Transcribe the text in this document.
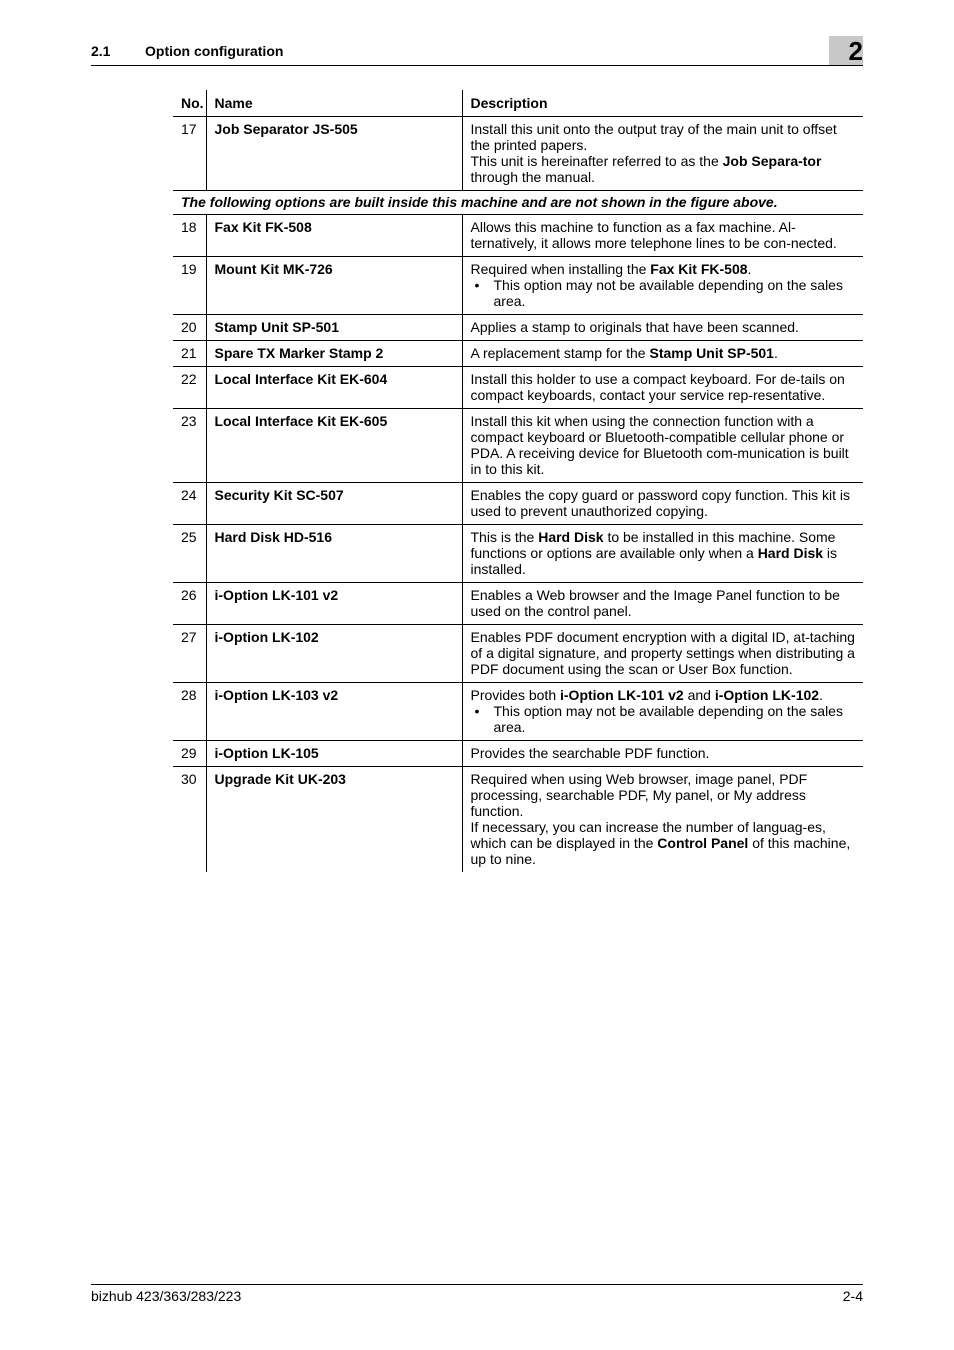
2.1 Option configuration	2
No.	Name	Description
17	Job Separator JS-505	Install this unit onto the output tray of the main unit to offset the printed papers.
This unit is hereinafter referred to as the Job Separa-tor through the manual.

The following options are built inside this machine and are not shown in the figure above.		
18	Fax Kit FK-508	Allows this machine to function as a fax machine. Al-ternatively, it allows more telephone lines to be con-nected.
19	Mount Kit MK-726	Required when installing the Fax Kit FK-508.
• This option may not be available depending on the sales area.

20	Stamp Unit SP-501	Applies a stamp to originals that have been scanned.
21	Spare TX Marker Stamp 2	A replacement stamp for the Stamp Unit SP-501.
22	Local Interface Kit EK-604	Install this holder to use a compact keyboard. For de-tails on compact keyboards, contact your service rep-resentative.
23	Local Interface Kit EK-605	Install this kit when using the connection function with a compact keyboard or Bluetooth-compatible cellular phone or PDA. A receiving device for Bluetooth com-munication is built in to this kit.
24	Security Kit SC-507	Enables the copy guard or password copy function. This kit is used to prevent unauthorized copying.
25	Hard Disk HD-516	This is the Hard Disk to be installed in this machine. Some functions or options are available only when a Hard Disk is installed.
26	i-Option LK-101 v2	Enables a Web browser and the Image Panel function to be used on the control panel.
27	i-Option LK-102	Enables PDF document encryption with a digital ID, at-taching of a digital signature, and property settings when distributing a PDF document using the scan or User Box function.
28	i-Option LK-103 v2	Provides both i-Option LK-101 v2 and i-Option LK-102.
• This option may not be available depending on the sales area.

29	i-Option LK-105	Provides the searchable PDF function.
30	Upgrade Kit UK-203	Required when using Web browser, image panel, PDF processing, searchable PDF, My panel, or My address function.
If necessary, you can increase the number of languag-es, which can be displayed in the Control Panel of this machine, up to nine.
bizhub 423/363/283/223	2-4
